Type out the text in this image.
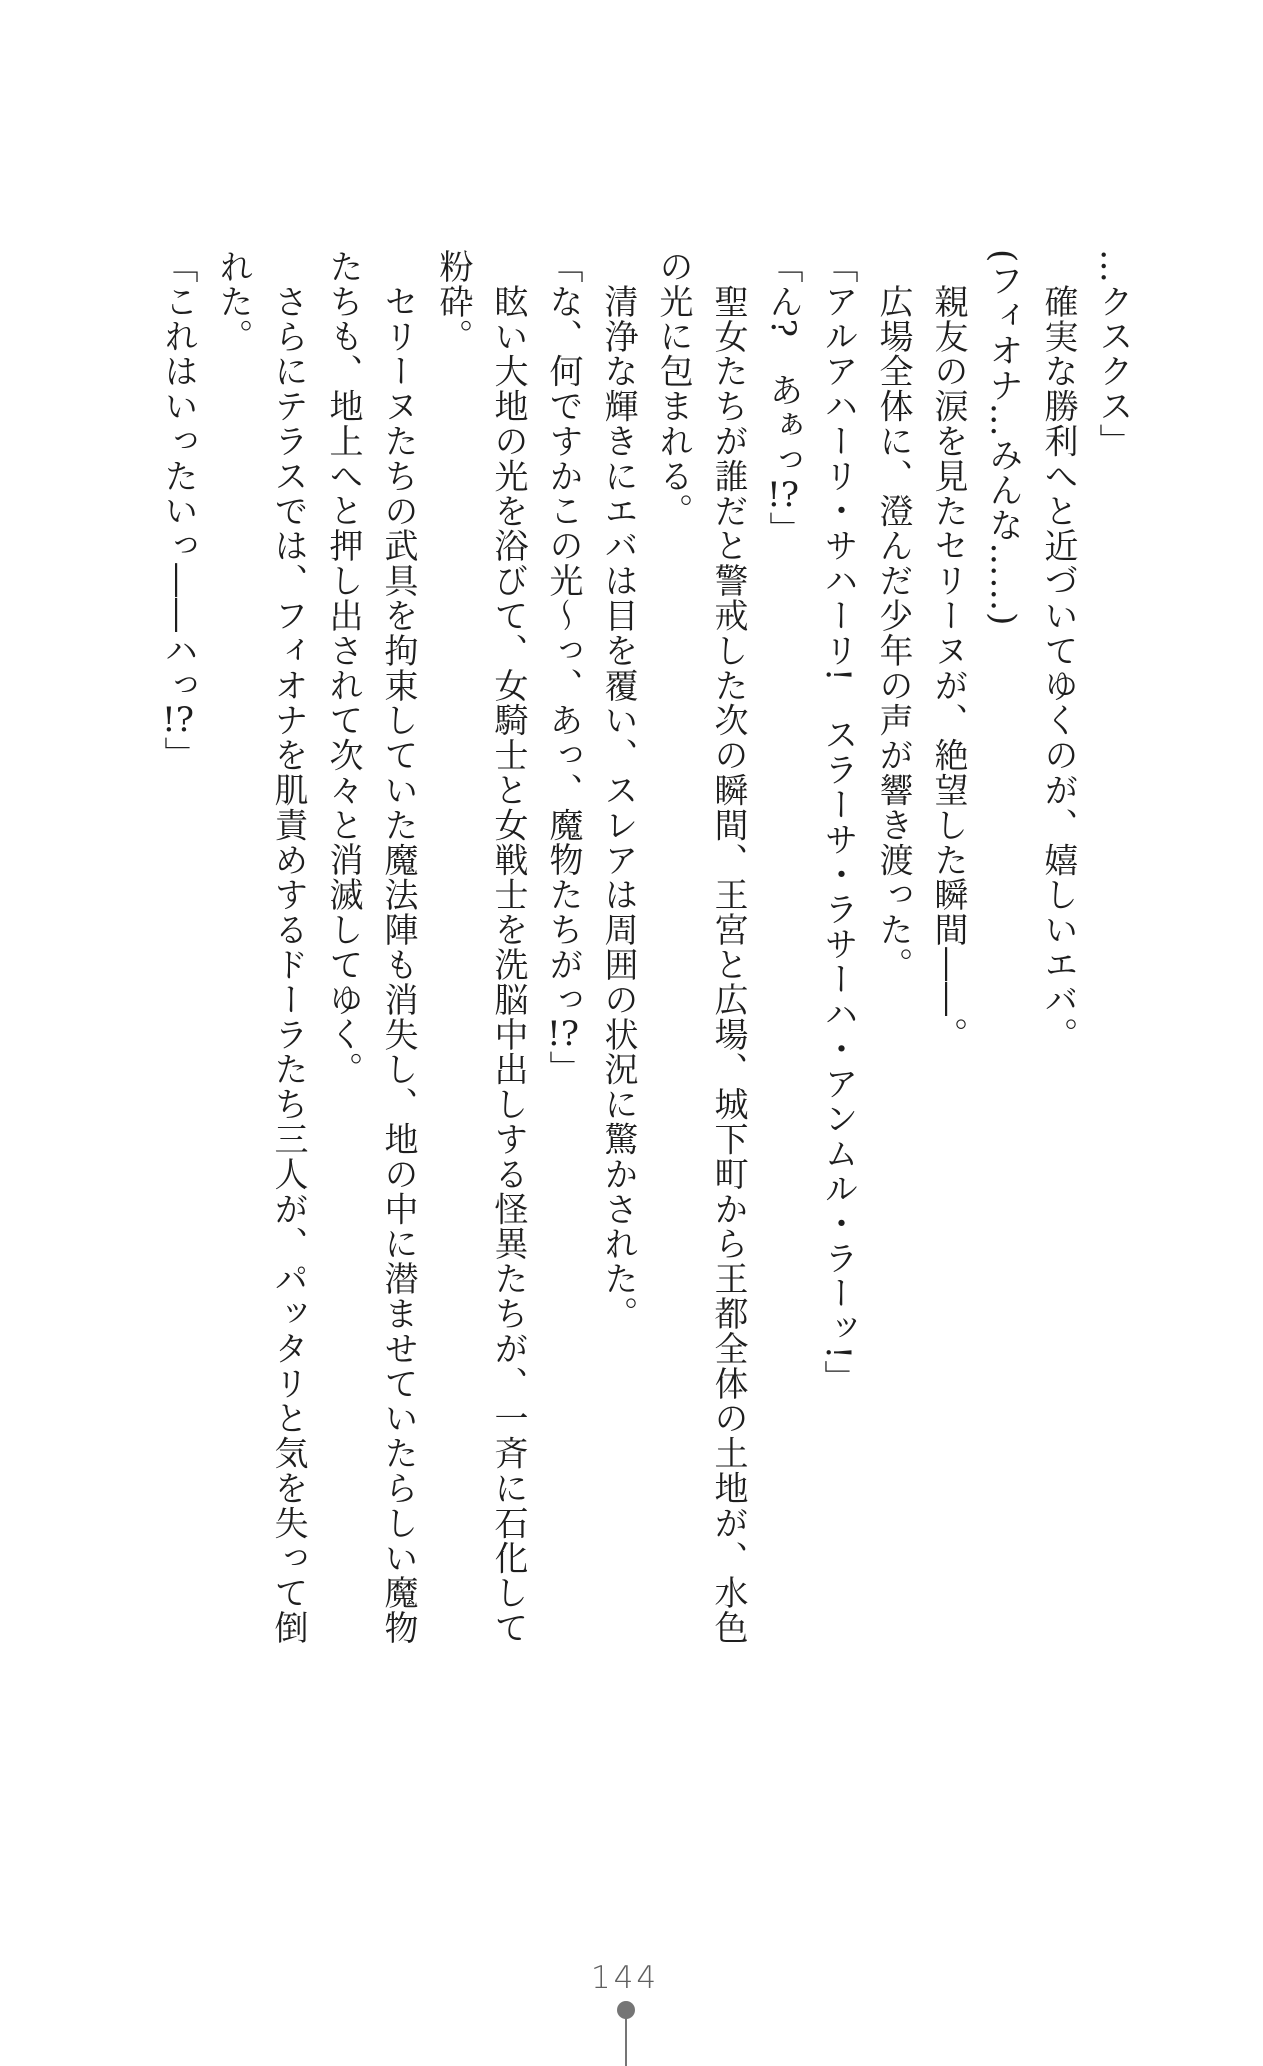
…クスクス」
確実な勝利へと近づいてゆくのが、嬉しいエバ。
(フィオナ…みんな……)
親友の涙を見たセリーヌが、絶望した瞬間――。
広場全体に、澄んだ少年の声が響き渡った。
「アルアハーリ・サハーリ!　スラーサ・ラサーハ・アンムル・ラーッ!」
「ん?　あぁっ!?」
聖女たちが誰だと警戒した次の瞬間、王宮と広場、城下町から王都全体の土地が、水色
の光に包まれる。
清浄な輝きにエバは目を覆い、スレアは周囲の状況に驚かされた。
「な、何ですかこの光～っ、あっ、魔物たちがっ!?」
眩い大地の光を浴びて、女騎士と女戦士を洗脳中出しする怪異たちが、一斉に石化して
粉砕。
セリーヌたちの武具を拘束していた魔法陣も消失し、地の中に潜ませていたらしい魔物
たちも、地上へと押し出されて次々と消滅してゆく。
さらにテラスでは、フィオナを肌責めするドーラたち三人が、パッタリと気を失って倒
れた。
「これはいったいっ――ハっ!?」
144
